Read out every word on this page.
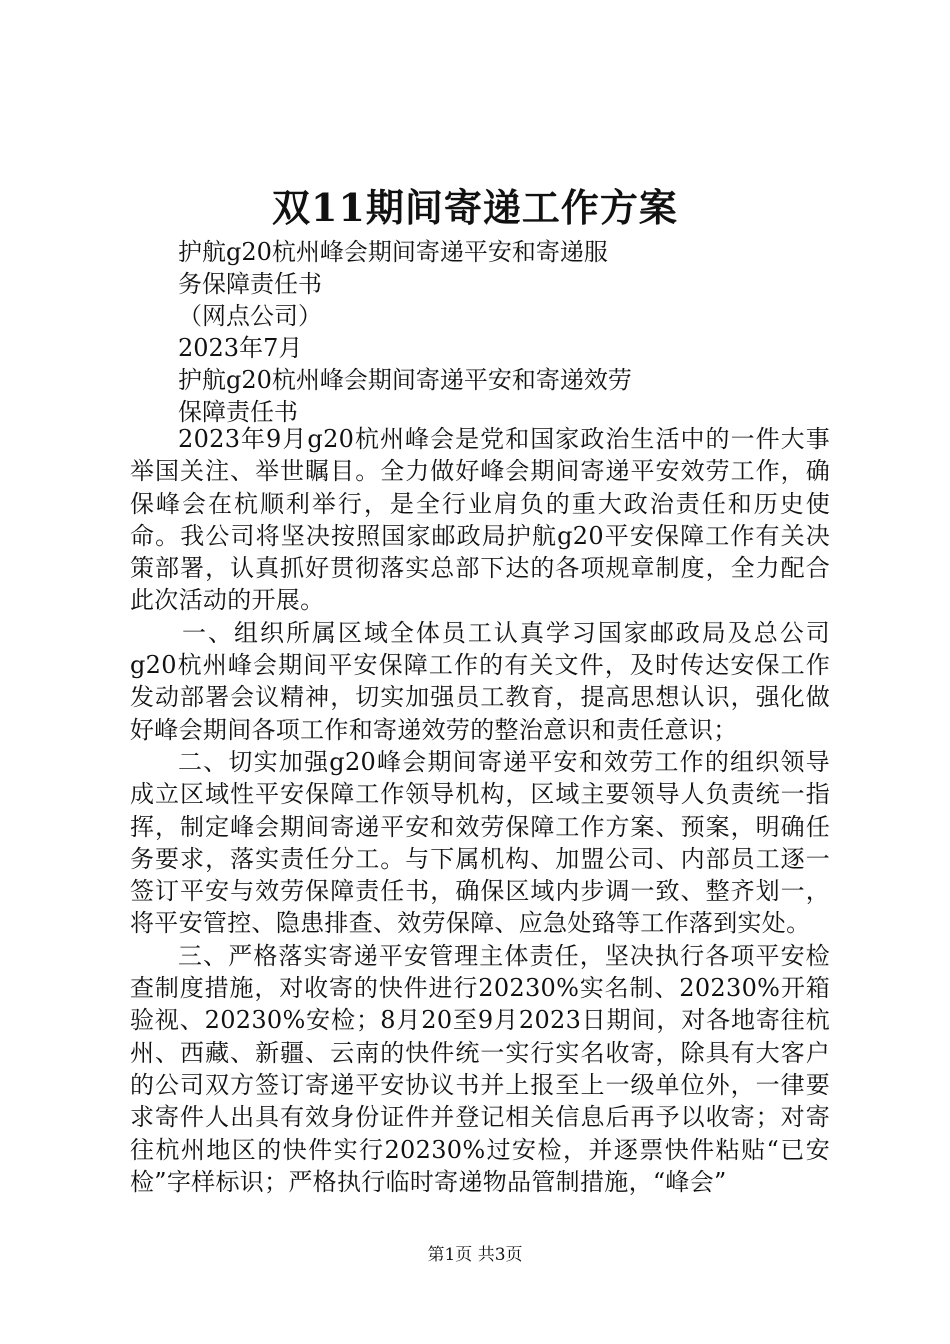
双11期间寄递工作方案
护航g20杭州峰会期间寄递平安和寄递服
务保障责任书
（网点公司）
2023年7月
护航g20杭州峰会期间寄递平安和寄递效劳
保障责任书

2023年9月g20杭州峰会是党和国家政治生活中的一件大事举国关注、举世瞩目。全力做好峰会期间寄递平安效劳工作，确保峰会在杭顺利举行，是全行业肩负的重大政治责任和历史使命。我公司将坚决按照国家邮政局护航g20平安保障工作有关决策部署，认真抓好贯彻落实总部下达的各项规章制度，全力配合此次活动的开展。

一、组织所属区域全体员工认真学习国家邮政局及总公司g20杭州峰会期间平安保障工作的有关文件，及时传达安保工作发动部署会议精神，切实加强员工教育，提高思想认识，强化做好峰会期间各项工作和寄递效劳的整治意识和责任意识；

二、切实加强g20峰会期间寄递平安和效劳工作的组织领导成立区域性平安保障工作领导机构，区域主要领导人负责统一指挥，制定峰会期间寄递平安和效劳保障工作方案、预案，明确任务要求，落实责任分工。与下属机构、加盟公司、内部员工逐一签订平安与效劳保障责任书，确保区域内步调一致、整齐划一，将平安管控、隐患排查、效劳保障、应急处臵等工作落到实处。

三、严格落实寄递平安管理主体责任，坚决执行各项平安检查制度措施，对收寄的快件进行20230%实名制、20230%开箱验视、20230%安检；8月20至9月2023日期间，对各地寄往杭州、西藏、新疆、云南的快件统一实行实名收寄，除具有大客户的公司双方签订寄递平安协议书并上报至上一级单位外，一律要求寄件人出具有效身份证件并登记相关信息后再予以收寄；对寄往杭州地区的快件实行20230%过安检，并逐票快件粘贴“已安检”字样标识；严格执行临时寄递物品管制措施，“峰会”

第1页 共3页
